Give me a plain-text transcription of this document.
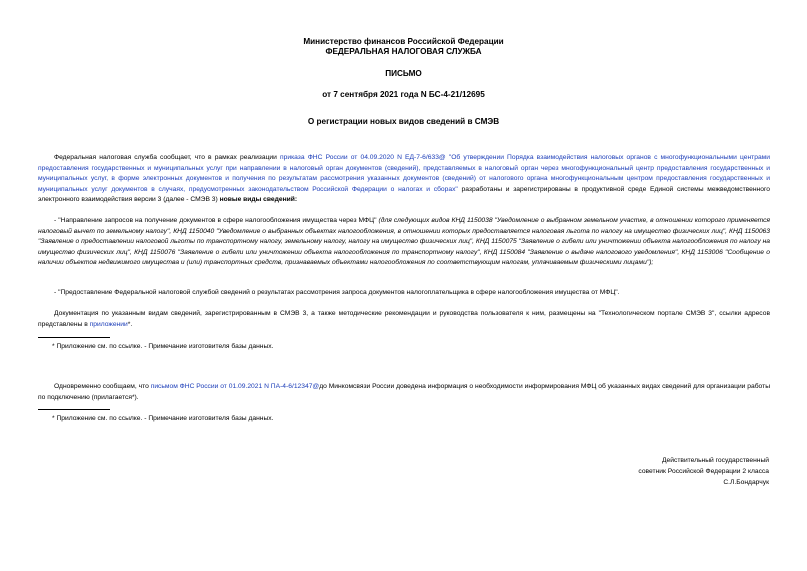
Министерство финансов Российской Федерации
ФЕДЕРАЛЬНАЯ НАЛОГОВАЯ СЛУЖБА
ПИСЬМО
от 7 сентября 2021 года N БС-4-21/12695
О регистрации новых видов сведений в СМЭВ
Федеральная налоговая служба сообщает, что в рамках реализации приказа ФНС России от 04.09.2020 N ЕД-7-6/633@ "Об утверждении Порядка взаимодействия налоговых органов с многофункциональными центрами предоставления государственных и муниципальных услуг при направлении в налоговый орган документов (сведений), представляемых в налоговый орган через многофункциональный центр предоставления государственных и муниципальных услуг, в форме электронных документов и получения по результатам рассмотрения указанных документов (сведений) от налогового органа многофункциональным центром предоставления государственных и муниципальных услуг документов в случаях, предусмотренных законодательством Российской Федерации о налогах и сборах" разработаны и зарегистрированы в продуктивной среде Единой системы межведомственного электронного взаимодействия версии 3 (далее - СМЭВ 3) новые виды сведений:
- "Направление запросов на получение документов в сфере налогообложения имущества через МФЦ" (для следующих видов КНД 1150038 "Уведомление о выбранном земельном участке, в отношении которого применяется налоговый вычет по земельному налогу", КНД 1150040 "Уведомление о выбранных объектах налогообложения, в отношении которых предоставляется налоговая льгота по налогу на имущество физических лиц", КНД 1150063 "Заявление о предоставлении налоговой льготы по транспортному налогу, земельному налогу, налогу на имущество физических лиц", КНД 1150075 "Заявление о гибели или уничтожении объекта налогообложения по налогу на имущество физических лиц", КНД 1150076 "Заявление о гибели или уничтожении объекта налогообложения по транспортному налогу", КНД 1150084 "Заявление о выдаче налогового уведомления", КНД 1153006 "Сообщение о наличии объектов недвижимого имущества и (или) транспортных средств, признаваемых объектами налогообложения по соответствующим налогам, уплачиваемым физическими лицами");
- "Предоставление Федеральной налоговой службой сведений о результатах рассмотрения запроса документов налогоплательщика в сфере налогообложения имущества от МФЦ".
Документация по указанным видам сведений, зарегистрированным в СМЭВ 3, а также методические рекомендации и руководства пользователя к ним, размещены на "Технологическом портале СМЭВ 3", ссылки адресов представлены в приложении*.
* Приложение см. по ссылке. - Примечание изготовителя базы данных.
Одновременно сообщаем, что письмом ФНС России от 01.09.2021 N ПА-4-6/12347@до Минкомсвязи России доведена информация о необходимости информирования МФЦ об указанных видах сведений для организации работы по подключению (прилагается*).
* Приложение см. по ссылке. - Примечание изготовителя базы данных.
Действительный государственный
советник Российской Федерации 2 класса
С.Л.Бондарчук
